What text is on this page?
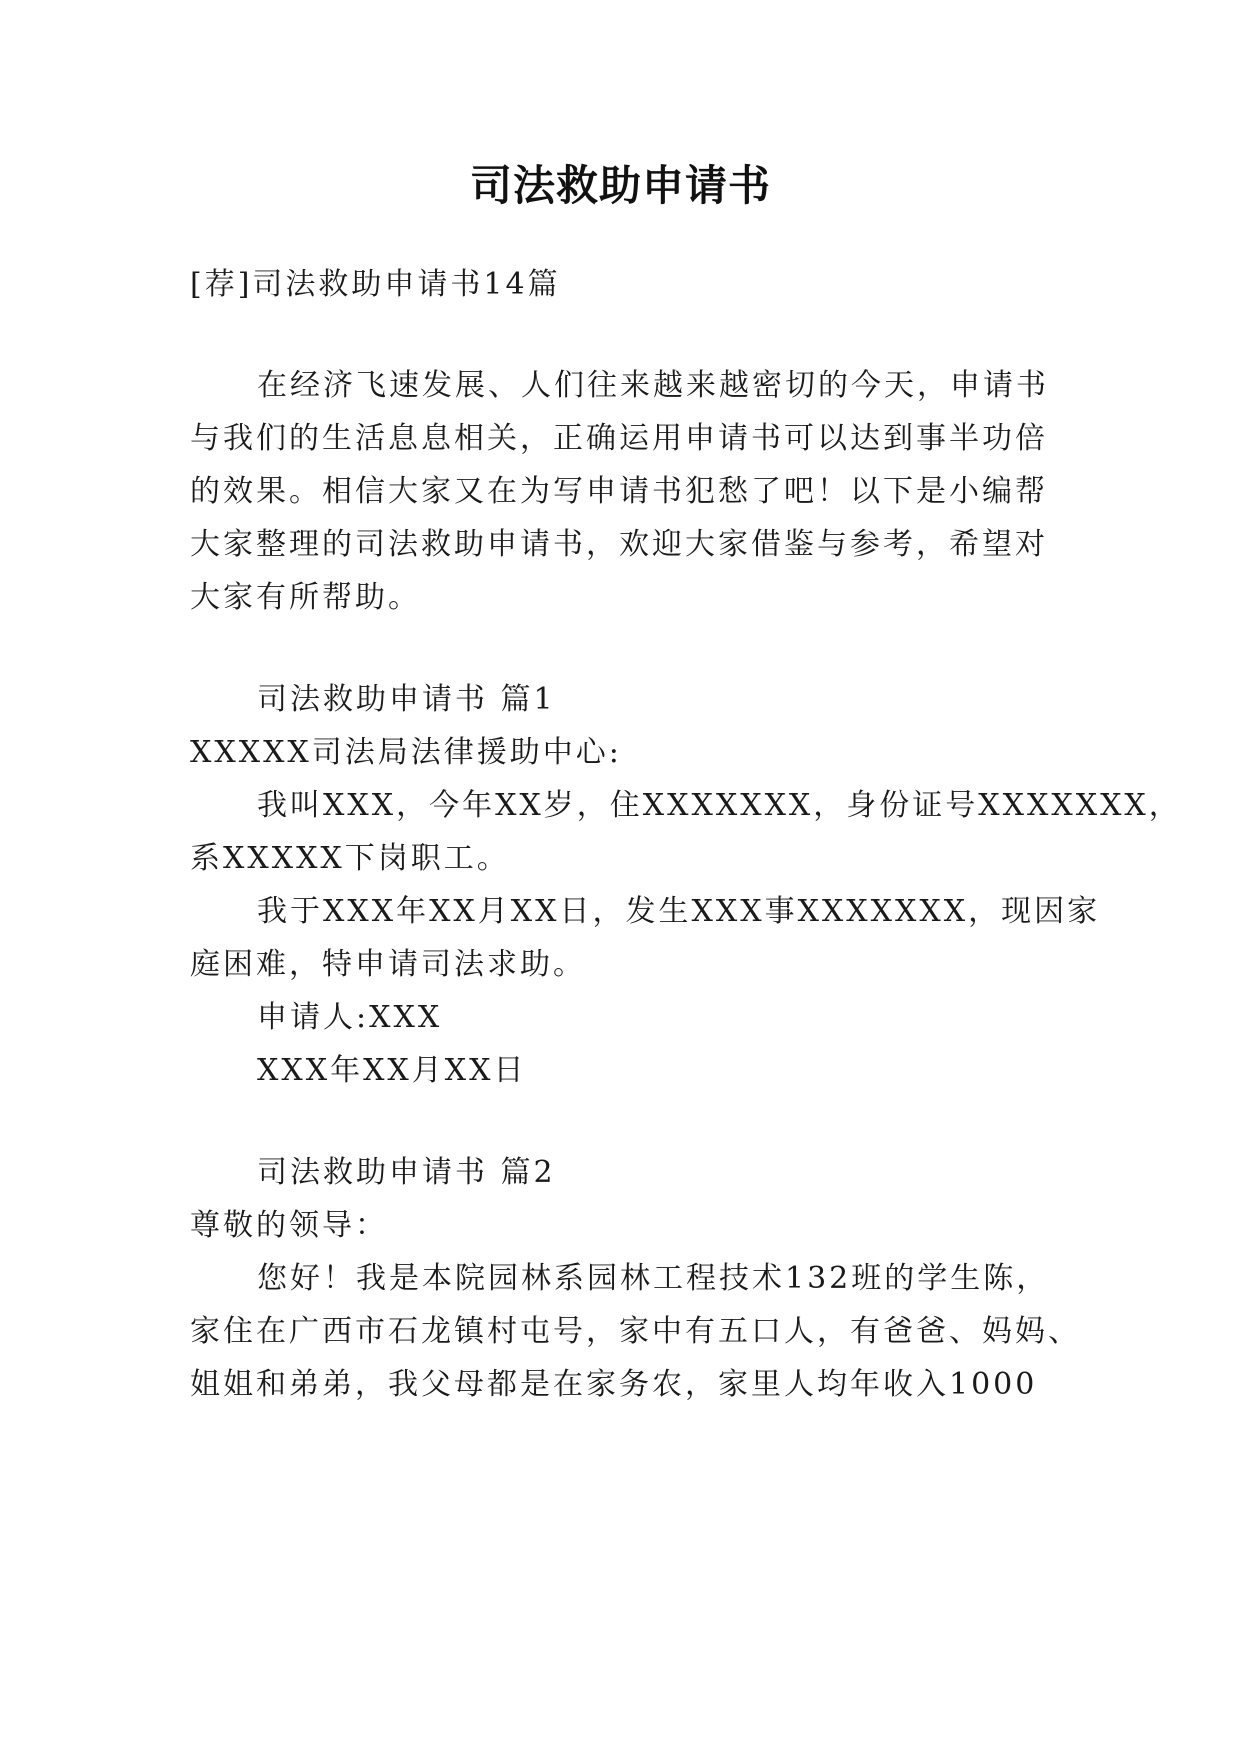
司法救助申请书
[荐]司法救助申请书14篇
在经济飞速发展、人们往来越来越密切的今天，申请书
与我们的生活息息相关，正确运用申请书可以达到事半功倍
的效果。相信大家又在为写申请书犯愁了吧！以下是小编帮
大家整理的司法救助申请书，欢迎大家借鉴与参考，希望对
大家有所帮助。
司法救助申请书 篇1
XXXXX司法局法律援助中心:
我叫XXX，今年XX岁，住XXXXXXX，身份证号XXXXXXX，
系XXXXX下岗职工。
我于XXX年XX月XX日，发生XXX事XXXXXXX，现因家
庭困难，特申请司法求助。
申请人:XXX
XXX年XX月XX日
司法救助申请书 篇2
尊敬的领导：
您好！我是本院园林系园林工程技术132班的学生陈，
家住在广西市石龙镇村屯号，家中有五口人，有爸爸、妈妈、
姐姐和弟弟，我父母都是在家务农，家里人均年收入1000
